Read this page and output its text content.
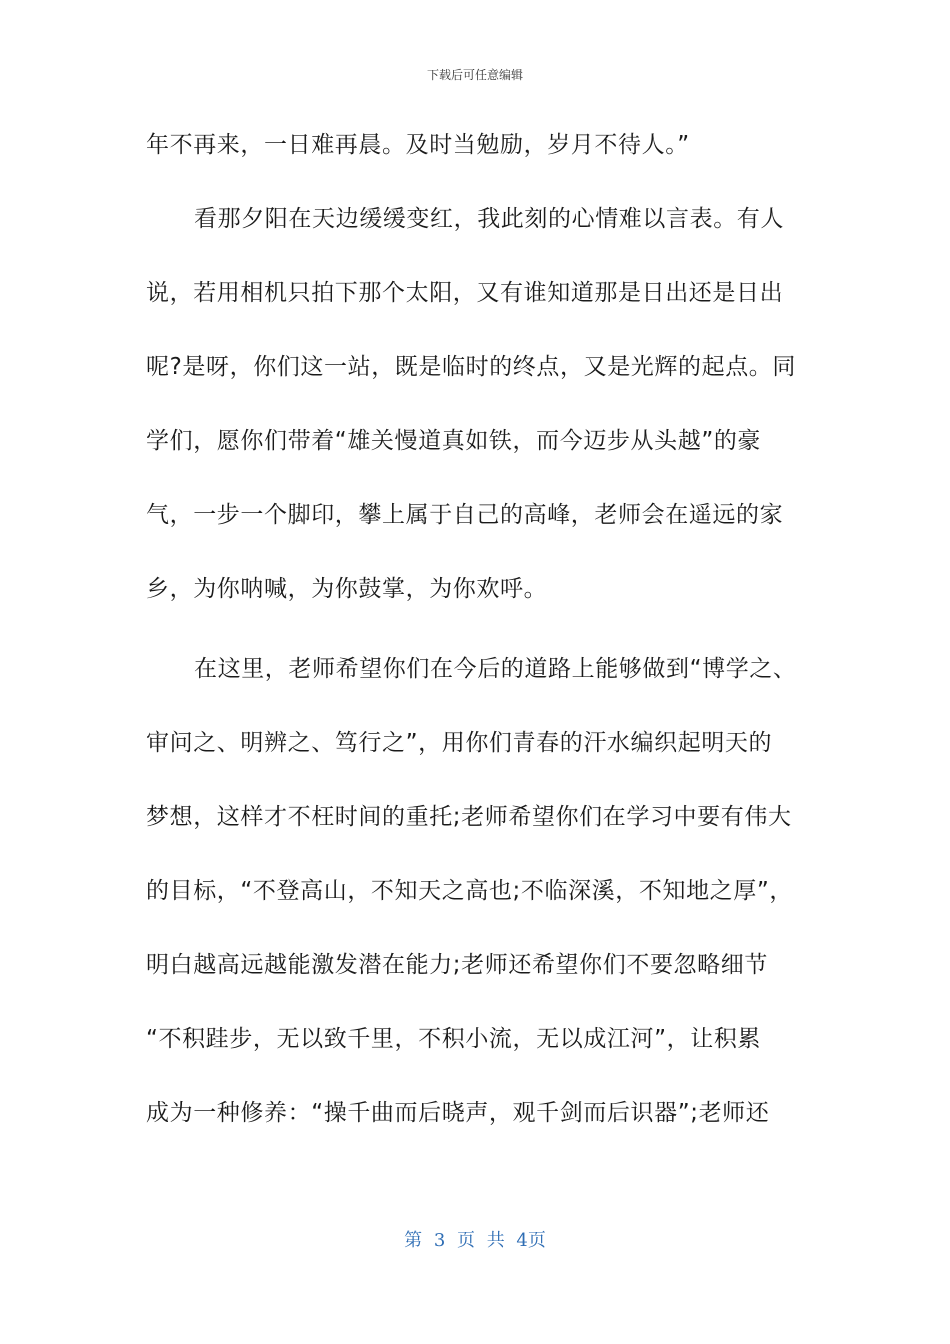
下载后可任意编辑
年不再来，一日难再晨。及时当勉励，岁月不待人。”
看那夕阳在天边缓缓变红，我此刻的心情难以言表。有人
说，若用相机只拍下那个太阳，又有谁知道那是日出还是日出
呢?是呀，你们这一站，既是临时的终点，又是光辉的起点。同
学们，愿你们带着“雄关慢道真如铁，而今迈步从头越”的豪
气，一步一个脚印，攀上属于自己的高峰，老师会在遥远的家
乡，为你呐喊，为你鼓掌，为你欢呼。
在这里，老师希望你们在今后的道路上能够做到“博学之、
审问之、明辨之、笃行之”，用你们青春的汗水编织起明天的
梦想，这样才不枉时间的重托;老师希望你们在学习中要有伟大
的目标，“不登高山，不知天之高也;不临深溪，不知地之厚”，
明白越高远越能激发潜在能力;老师还希望你们不要忽略细节
“不积跬步，无以致千里，不积小流，无以成江河”，让积累
成为一种修养：“操千曲而后晓声，观千剑而后识器”;老师还
第 3 页 共 4页
